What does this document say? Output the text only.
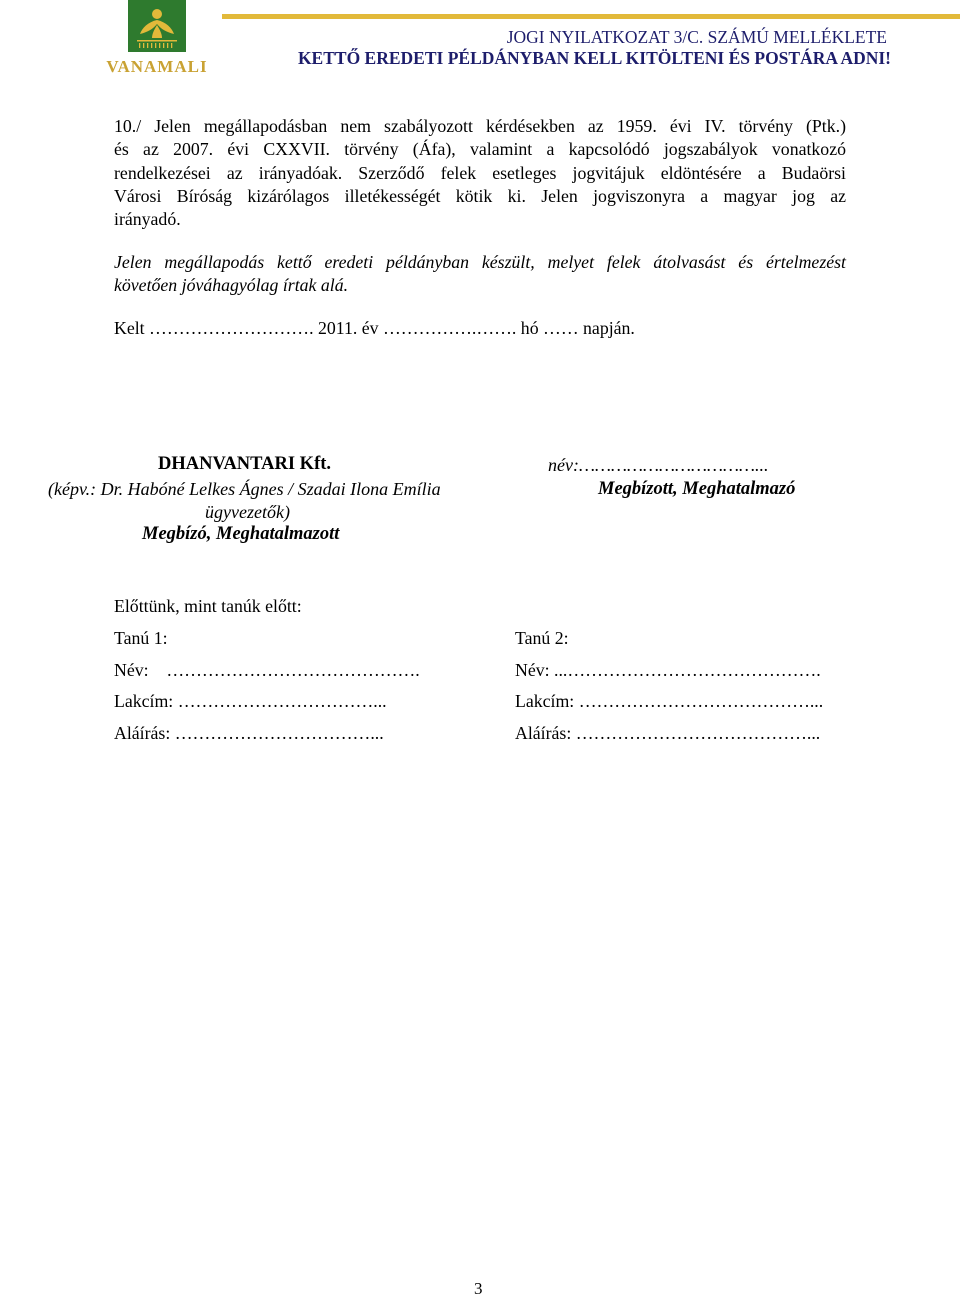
VANAMALI
JOGI NYILATKOZAT 3/C. SZÁMÚ MELLÉKLETE
KETTŐ EREDETI PÉLDÁNYBAN KELL KITÖLTENI ÉS POSTÁRA ADNI!
10./ Jelen megállapodásban nem szabályozott kérdésekben az 1959. évi IV. törvény (Ptk.)
és az 2007. évi CXXVII. törvény (Áfa), valamint a kapcsolódó jogszabályok vonatkozó
rendelkezései az irányadóak. Szerződő felek esetleges jogvitájuk eldöntésére a Budaörsi
Városi Bíróság kizárólagos illetékességét kötik ki. Jelen jogviszonyra a magyar jog az
irányadó.
Jelen megállapodás kettő eredeti példányban készült, melyet felek átolvasást és értelmezést
követően jóváhagyólag írtak alá.
Kelt ………………………. 2011. év …………….……. hó …… napján.
DHANVANTARI Kft.
(képv.: Dr. Habóné Lelkes Ágnes / Szadai Ilona Emília
ügyvezetők)
Megbízó, Meghatalmazott
név:……………………………...
Megbízott, Meghatalmazó
Előttünk, mint tanúk előtt:
Tanú 1:
Név:    …………………………………….
Lakcím: ……………………………...
Aláírás: ……………………………...
Tanú 2:
Név: ...…………………………………….
Lakcím: …………………………………...
Aláírás: …………………………………...
3
